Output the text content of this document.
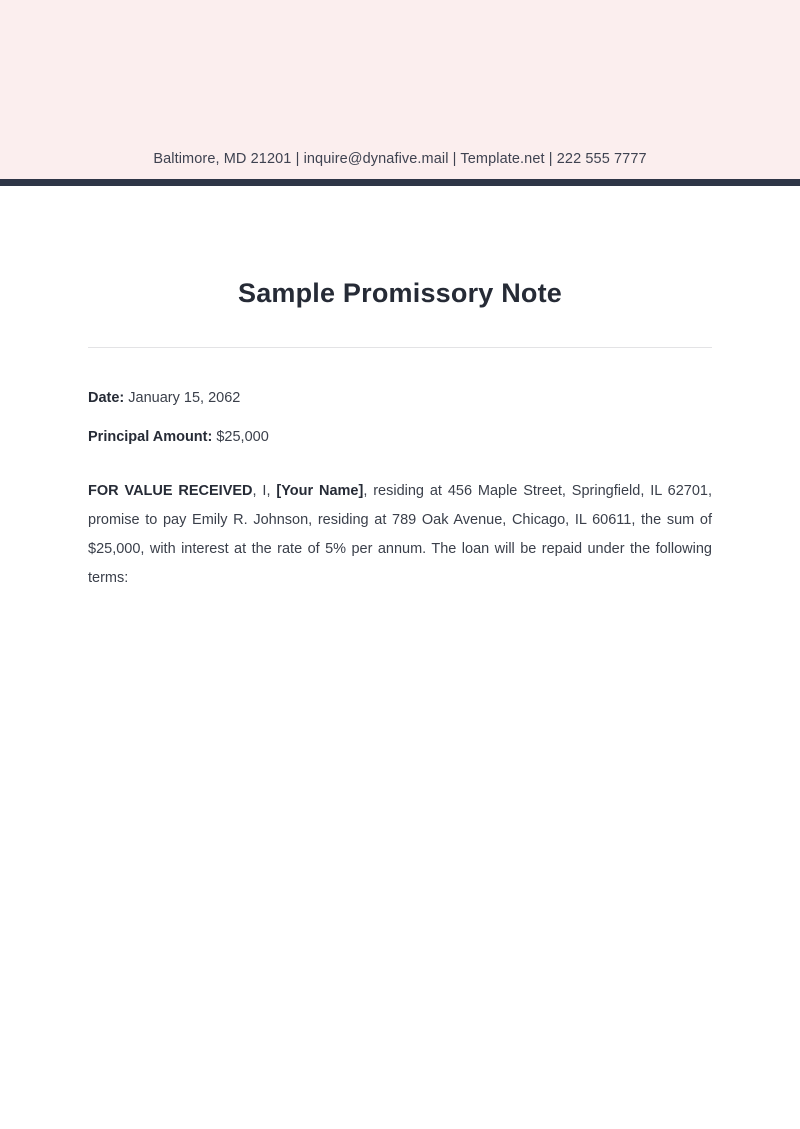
Baltimore, MD 21201 | inquire@dynafive.mail | Template.net | 222 555 7777
Sample Promissory Note
Date: January 15, 2062
Principal Amount: $25,000
FOR VALUE RECEIVED, I, [Your Name], residing at 456 Maple Street, Springfield, IL 62701, promise to pay Emily R. Johnson, residing at 789 Oak Avenue, Chicago, IL 60611, the sum of $25,000, with interest at the rate of 5% per annum. The loan will be repaid under the following terms:
